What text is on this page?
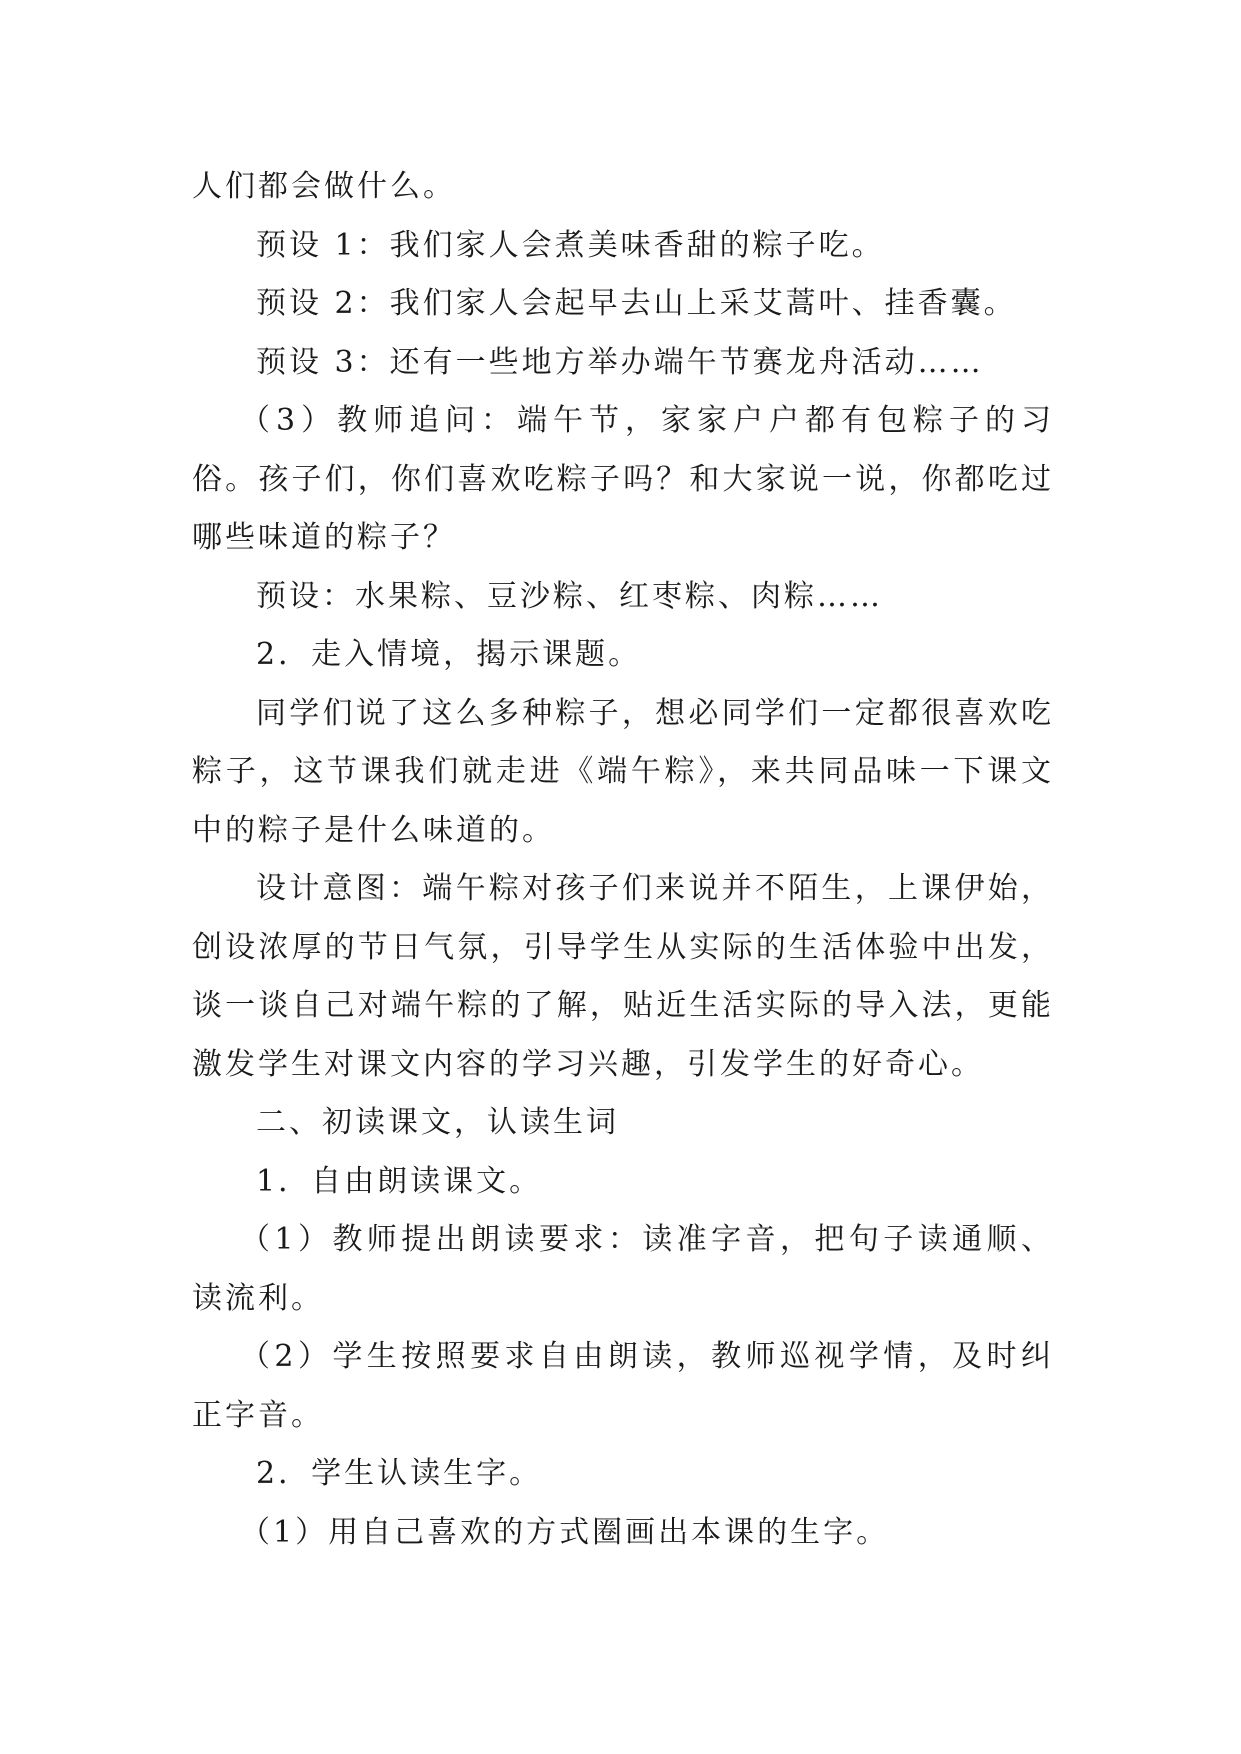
人们都会做什么。

预设 1：我们家人会煮美味香甜的粽子吃。

预设 2：我们家人会起早去山上采艾蒿叶、挂香囊。

预设 3：还有一些地方举办端午节赛龙舟活动……

（3）教师追问：端午节，家家户户都有包粽子的习俗。孩子们，你们喜欢吃粽子吗？和大家说一说，你都吃过哪些味道的粽子？

预设：水果粽、豆沙粽、红枣粽、肉粽……

2．走入情境，揭示课题。

同学们说了这么多种粽子，想必同学们一定都很喜欢吃粽子，这节课我们就走进《端午粽》，来共同品味一下课文中的粽子是什么味道的。

设计意图：端午粽对孩子们来说并不陌生，上课伊始，创设浓厚的节日气氛，引导学生从实际的生活体验中出发，谈一谈自己对端午粽的了解，贴近生活实际的导入法，更能激发学生对课文内容的学习兴趣，引发学生的好奇心。

二、初读课文，认读生词

1．自由朗读课文。

（1）教师提出朗读要求：读准字音，把句子读通顺、读流利。

（2）学生按照要求自由朗读，教师巡视学情，及时纠正字音。

2．学生认读生字。

（1）用自己喜欢的方式圈画出本课的生字。
